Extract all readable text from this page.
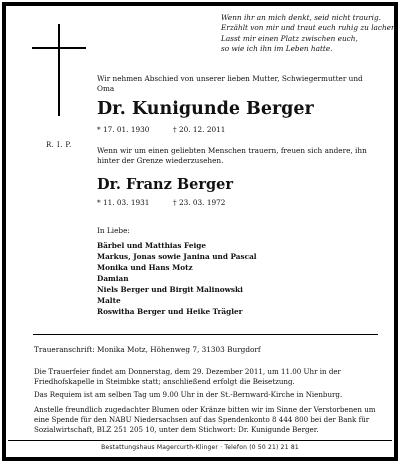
R. I. P.
Wenn ihr an mich denkt, seid nicht traurig.
Erzählt von mir und traut euch ruhig zu lachen.
Lasst mir einen Platz zwischen euch,
so wie ich ihn im Leben hatte.
Wir nehmen Abschied von unserer lieben Mutter, Schwiegermutter und Oma
Dr. Kunigunde Berger
* 17. 01. 1930	† 20. 12. 2011
Wenn wir um einen geliebten Menschen trauern, freuen sich andere, ihn hinter der Grenze wiederzusehen.
Dr. Franz Berger
* 11. 03. 1931	† 23. 03. 1972
In Liebe:
Bärbel und Matthias Feige
Markus, Jonas sowie Janina und Pascal
Monika und Hans Motz
Damian
Niels Berger und Birgit Malinowski
Malte
Roswitha Berger und Heike Trägler
Traueranschrift: Monika Motz, Höhenweg 7, 31303 Burgdorf
Die Trauerfeier findet am Donnerstag, dem 29. Dezember 2011, um 11.00 Uhr in der Friedhofskapelle in Steimbke statt; anschließend erfolgt die Beisetzung.
Das Requiem ist am selben Tag um 9.00 Uhr in der St.-Bernward-Kirche in Nienburg.
Anstelle freundlich zugedachter Blumen oder Kränze bitten wir im Sinne der Verstorbenen um eine Spende für den NABU Niedersachsen auf das Spendenkonto 8 444 800 bei der Bank für Sozialwirtschaft, BLZ 251 205 10, unter dem Stichwort: Dr. Kunigunde Berger.
Bestattungshaus Magercurth-Klinger · Telefon (0 50 21) 21 81
